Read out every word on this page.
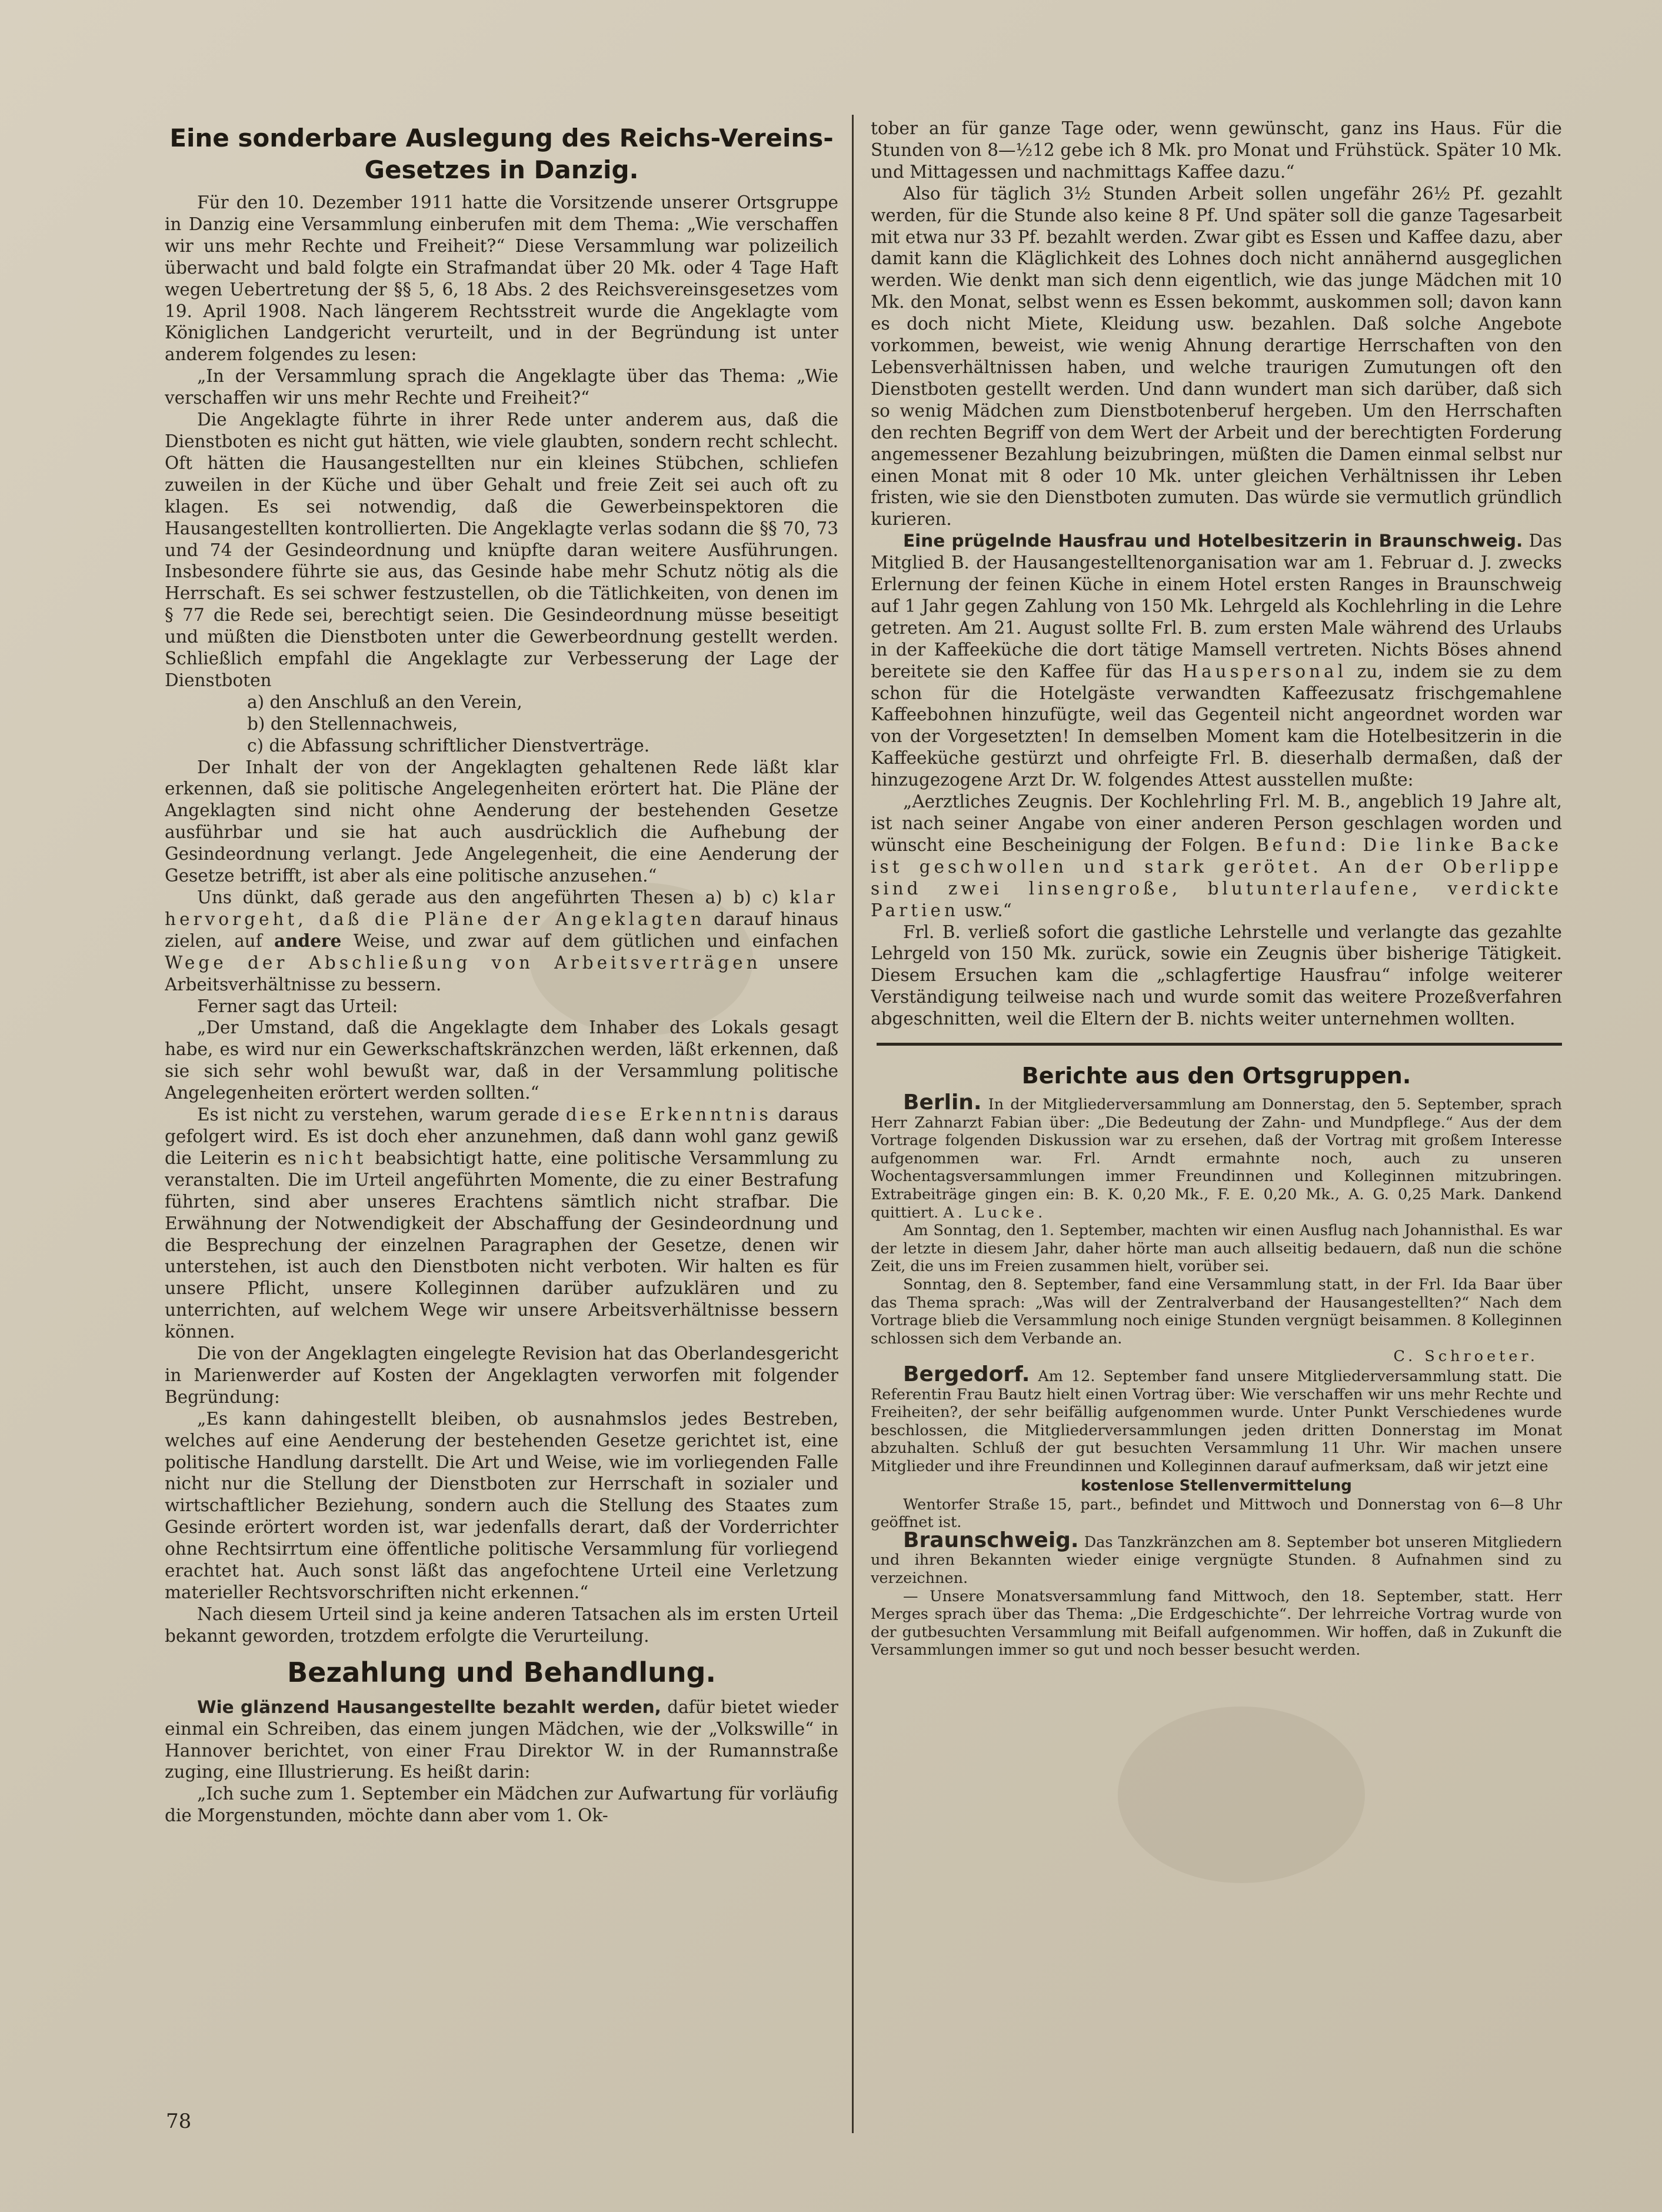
Eine sonderbare Auslegung des Reichs-Vereins-Gesetzes in Danzig.

Für den 10. Dezember 1911 hatte die Vorsitzende unserer Ortsgruppe in Danzig eine Versammlung einberufen mit dem Thema: „Wie verschaffen wir uns mehr Rechte und Freiheit?“ Diese Versammlung war polizeilich überwacht und bald folgte ein Strafmandat über 20 Mk. oder 4 Tage Haft wegen Uebertretung der §§ 5, 6, 18 Abs. 2 des Reichsvereinsgesetzes vom 19. April 1908. Nach längerem Rechtsstreit wurde die Angeklagte vom Königlichen Landgericht verurteilt, und in der Begründung ist unter anderem folgendes zu lesen:

„In der Versammlung sprach die Angeklagte über das Thema: „Wie verschaffen wir uns mehr Rechte und Freiheit?“

Die Angeklagte führte in ihrer Rede unter anderem aus, daß die Dienstboten es nicht gut hätten, wie viele glaubten, sondern recht schlecht. Oft hätten die Hausangestellten nur ein kleines Stübchen, schliefen zuweilen in der Küche und über Gehalt und freie Zeit sei auch oft zu klagen. Es sei notwendig, daß die Gewerbeinspektoren die Hausangestellten kontrollierten. Die Angeklagte verlas sodann die §§ 70, 73 und 74 der Gesindeordnung und knüpfte daran weitere Ausführungen. Insbesondere führte sie aus, das Gesinde habe mehr Schutz nötig als die Herrschaft. Es sei schwer festzustellen, ob die Tätlichkeiten, von denen im § 77 die Rede sei, berechtigt seien. Die Gesindeordnung müsse beseitigt und müßten die Dienstboten unter die Gewerbeordnung gestellt werden. Schließlich empfahl die Angeklagte zur Verbesserung der Lage der Dienstboten

a) den Anschluß an den Verein,
b) den Stellennachweis,
c) die Abfassung schriftlicher Dienstverträge.

Der Inhalt der von der Angeklagten gehaltenen Rede läßt klar erkennen, daß sie politische Angelegenheiten erörtert hat. Die Pläne der Angeklagten sind nicht ohne Aenderung der bestehenden Gesetze ausführbar und sie hat auch ausdrücklich die Aufhebung der Gesindeordnung verlangt. Jede Angelegenheit, die eine Aenderung der Gesetze betrifft, ist aber als eine politische anzusehen.“

Uns dünkt, daß gerade aus den angeführten Thesen a) b) c) klar hervorgeht, daß die Pläne der Angeklagten darauf hinaus zielen, auf andere Weise, und zwar auf dem gütlichen und einfachen Wege der Abschließung von Arbeitsverträgen unsere Arbeitsverhältnisse zu bessern.

Ferner sagt das Urteil:

„Der Umstand, daß die Angeklagte dem Inhaber des Lokals gesagt habe, es wird nur ein Gewerkschaftskränzchen werden, läßt erkennen, daß sie sich sehr wohl bewußt war, daß in der Versammlung politische Angelegenheiten erörtert werden sollten.“

Es ist nicht zu verstehen, warum gerade diese Erkenntnis daraus gefolgert wird. Es ist doch eher anzunehmen, daß dann wohl ganz gewiß die Leiterin es nicht beabsichtigt hatte, eine politische Versammlung zu veranstalten. Die im Urteil angeführten Momente, die zu einer Bestrafung führten, sind aber unseres Erachtens sämtlich nicht strafbar. Die Erwähnung der Notwendigkeit der Abschaffung der Gesindeordnung und die Besprechung der einzelnen Paragraphen der Gesetze, denen wir unterstehen, ist auch den Dienstboten nicht verboten. Wir halten es für unsere Pflicht, unsere Kolleginnen darüber aufzuklären und zu unterrichten, auf welchem Wege wir unsere Arbeitsverhältnisse bessern können.

Die von der Angeklagten eingelegte Revision hat das Oberlandesgericht in Marienwerder auf Kosten der Angeklagten verworfen mit folgender Begründung:

„Es kann dahingestellt bleiben, ob ausnahmslos jedes Bestreben, welches auf eine Aenderung der bestehenden Gesetze gerichtet ist, eine politische Handlung darstellt. Die Art und Weise, wie im vorliegenden Falle nicht nur die Stellung der Dienstboten zur Herrschaft in sozialer und wirtschaftlicher Beziehung, sondern auch die Stellung des Staates zum Gesinde erörtert worden ist, war jedenfalls derart, daß der Vorderrichter ohne Rechtsirrtum eine öffentliche politische Versammlung für vorliegend erachtet hat. Auch sonst läßt das angefochtene Urteil eine Verletzung materieller Rechtsvorschriften nicht erkennen.“

Nach diesem Urteil sind ja keine anderen Tatsachen als im ersten Urteil bekannt geworden, trotzdem erfolgte die Verurteilung.

Bezahlung und Behandlung.

Wie glänzend Hausangestellte bezahlt werden, dafür bietet wieder einmal ein Schreiben, das einem jungen Mädchen, wie der „Volkswille“ in Hannover berichtet, von einer Frau Direktor W. in der Rumannstraße zuging, eine Illustrierung. Es heißt darin:

„Ich suche zum 1. September ein Mädchen zur Aufwartung für vorläufig die Morgenstunden, möchte dann aber vom 1. Ok-

tober an für ganze Tage oder, wenn gewünscht, ganz ins Haus. Für die Stunden von 8—½12 gebe ich 8 Mk. pro Monat und Frühstück. Später 10 Mk. und Mittagessen und nachmittags Kaffee dazu.“

Also für täglich 3½ Stunden Arbeit sollen ungefähr 26½ Pf. gezahlt werden, für die Stunde also keine 8 Pf. Und später soll die ganze Tagesarbeit mit etwa nur 33 Pf. bezahlt werden. Zwar gibt es Essen und Kaffee dazu, aber damit kann die Kläglichkeit des Lohnes doch nicht annähernd ausgeglichen werden. Wie denkt man sich denn eigentlich, wie das junge Mädchen mit 10 Mk. den Monat, selbst wenn es Essen bekommt, auskommen soll; davon kann es doch nicht Miete, Kleidung usw. bezahlen. Daß solche Angebote vorkommen, beweist, wie wenig Ahnung derartige Herrschaften von den Lebensverhältnissen haben, und welche traurigen Zumutungen oft den Dienstboten gestellt werden. Und dann wundert man sich darüber, daß sich so wenig Mädchen zum Dienstbotenberuf hergeben. Um den Herrschaften den rechten Begriff von dem Wert der Arbeit und der berechtigten Forderung angemessener Bezahlung beizubringen, müßten die Damen einmal selbst nur einen Monat mit 8 oder 10 Mk. unter gleichen Verhältnissen ihr Leben fristen, wie sie den Dienstboten zumuten. Das würde sie vermutlich gründlich kurieren.

Eine prügelnde Hausfrau und Hotelbesitzerin in Braunschweig. Das Mitglied B. der Hausangestelltenorganisation war am 1. Februar d. J. zwecks Erlernung der feinen Küche in einem Hotel ersten Ranges in Braunschweig auf 1 Jahr gegen Zahlung von 150 Mk. Lehrgeld als Kochlehrling in die Lehre getreten. Am 21. August sollte Frl. B. zum ersten Male während des Urlaubs in der Kaffeeküche die dort tätige Mamsell vertreten. Nichts Böses ahnend bereitete sie den Kaffee für das Hauspersonal zu, indem sie zu dem schon für die Hotelgäste verwandten Kaffeezusatz frischgemahlene Kaffeebohnen hinzufügte, weil das Gegenteil nicht angeordnet worden war von der Vorgesetzten! In demselben Moment kam die Hotelbesitzerin in die Kaffeeküche gestürzt und ohrfeigte Frl. B. dieserhalb dermaßen, daß der hinzugezogene Arzt Dr. W. folgendes Attest ausstellen mußte:

„Aerztliches Zeugnis. Der Kochlehrling Frl. M. B., angeblich 19 Jahre alt, ist nach seiner Angabe von einer anderen Person geschlagen worden und wünscht eine Bescheinigung der Folgen. Befund: Die linke Backe ist geschwollen und stark gerötet. An der Oberlippe sind zwei linsengroße, blutunterlaufene, verdickte Partien usw.“

Frl. B. verließ sofort die gastliche Lehrstelle und verlangte das gezahlte Lehrgeld von 150 Mk. zurück, sowie ein Zeugnis über bisherige Tätigkeit. Diesem Ersuchen kam die „schlagfertige Hausfrau“ infolge weiterer Verständigung teilweise nach und wurde somit das weitere Prozeßverfahren abgeschnitten, weil die Eltern der B. nichts weiter unternehmen wollten.

Berichte aus den Ortsgruppen.

Berlin. In der Mitgliederversammlung am Donnerstag, den 5. September, sprach Herr Zahnarzt Fabian über: „Die Bedeutung der Zahn- und Mundpflege.“ Aus der dem Vortrage folgenden Diskussion war zu ersehen, daß der Vortrag mit großem Interesse aufgenommen war. Frl. Arndt ermahnte noch, auch zu unseren Wochentagsversammlungen immer Freundinnen und Kolleginnen mitzubringen. Extrabeiträge gingen ein: B. K. 0,20 Mk., F. E. 0,20 Mk., A. G. 0,25 Mark. Dankend quittiert. A. Lucke.

Am Sonntag, den 1. September, machten wir einen Ausflug nach Johannisthal. Es war der letzte in diesem Jahr, daher hörte man auch allseitig bedauern, daß nun die schöne Zeit, die uns im Freien zusammen hielt, vorüber sei.

Sonntag, den 8. September, fand eine Versammlung statt, in der Frl. Ida Baar über das Thema sprach: „Was will der Zentralverband der Hausangestellten?“ Nach dem Vortrage blieb die Versammlung noch einige Stunden vergnügt beisammen. 8 Kolleginnen schlossen sich dem Verbande an.

C. Schroeter.

Bergedorf. Am 12. September fand unsere Mitgliederversammlung statt. Die Referentin Frau Bautz hielt einen Vortrag über: Wie verschaffen wir uns mehr Rechte und Freiheiten?, der sehr beifällig aufgenommen wurde. Unter Punkt Verschiedenes wurde beschlossen, die Mitgliederversammlungen jeden dritten Donnerstag im Monat abzuhalten. Schluß der gut besuchten Versammlung 11 Uhr. Wir machen unsere Mitglieder und ihre Freundinnen und Kolleginnen darauf aufmerksam, daß wir jetzt eine

kostenlose Stellenvermittelung

Wentorfer Straße 15, part., befindet und Mittwoch und Donnerstag von 6—8 Uhr geöffnet ist.

Braunschweig. Das Tanzkränzchen am 8. September bot unseren Mitgliedern und ihren Bekannten wieder einige vergnügte Stunden. 8 Aufnahmen sind zu verzeichnen.

— Unsere Monatsversammlung fand Mittwoch, den 18. September, statt. Herr Merges sprach über das Thema: „Die Erdgeschichte“. Der lehrreiche Vortrag wurde von der gutbesuchten Versammlung mit Beifall aufgenommen. Wir hoffen, daß in Zukunft die Versammlungen immer so gut und noch besser besucht werden.

78
